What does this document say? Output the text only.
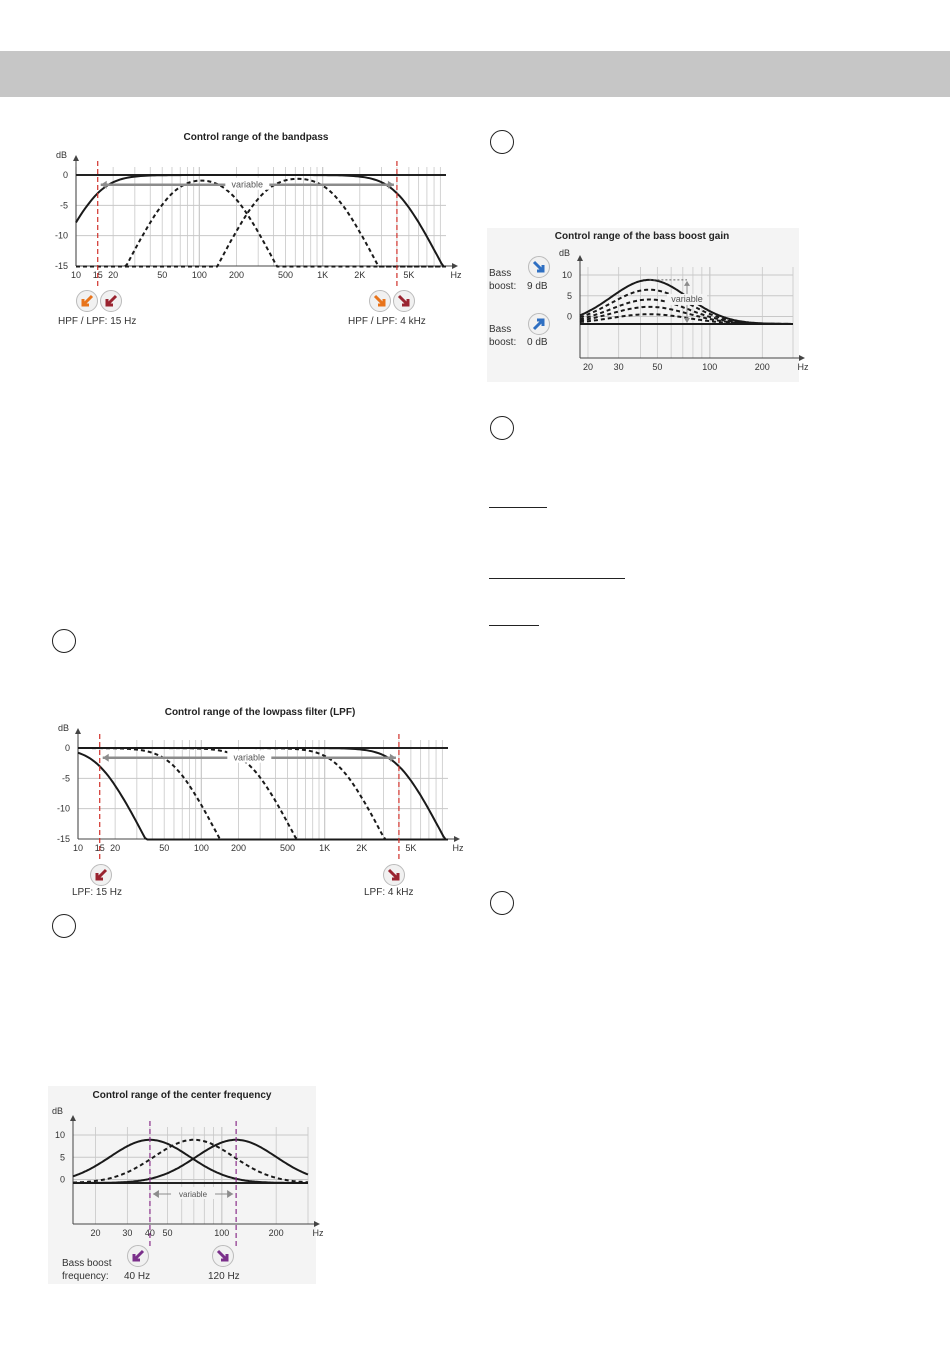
0
-5
-10
-15
10 15 20	50	100 200	500	1K	2K	5K	Hz
dB
Control range of the bandpass
variable
HPF / LPF: 15 Hz	HPF / LPF: 4 kHz
0
-5
-10
-15
10 15 20	50	100 200	500	1K	2K	5K	Hz
dB
Control range of the lowpass filter (LPF)
variable
LPF: 15 Hz	LPF: 4 kHz
10
5
0
20 30 40 50	100	200	Hz
dB
Control range of the center frequency
variable
Bass boost
frequency: 40 Hz	120 Hz
10
5
0
20 30	50	100	200	Hz
dB
Control range of the bass boost gain
variable
Bass
boost: 9 dB
Bass
boost: 0 dB
